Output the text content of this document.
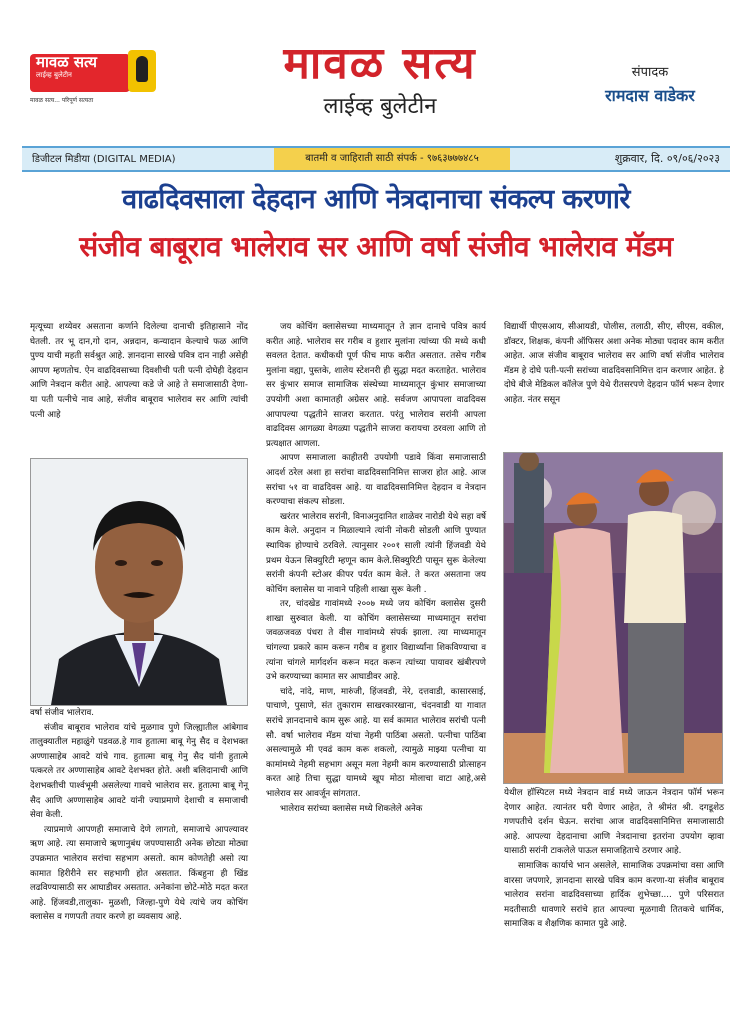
मावळ सत्य
लाईव्ह बुलेटीन
मावळ सत्य... परिपूर्ण सत्यता
मावळ सत्य
लाईव्ह बुलेटीन
संपादक
रामदास वाडेकर
डिजीटल मिडीया (DIGITAL MEDIA)	बातमी व जाहिराती साठी संपर्क - ९७६३७७७४८५	शुक्रवार, दि. ०९/०६/२०२३
वाढदिवसाला देहदान आणि नेत्रदानाचा संकल्प करणारे
संजीव बाबूराव भालेराव सर आणि वर्षा संजीव भालेराव मॅडम

मृत्यूच्या शय्येवर असताना कर्णाने दिलेल्या दानाची इतिहासाने नोंद घेतली. तर भू दान,गो दान, अन्नदान, कन्यादान केल्याचे फळ आणि पुण्य याची महती सर्वश्रुत आहे. ज्ञानदाना सारखे पवित्र दान नाही असेही आपण म्हणतोच. ऐन वाढदिवसाच्या दिवशीची पती पत्नी दोघेही देहदान आणि नेत्रदान करीत आहे. आपल्या कडे जे आहे ते समाजासाठी देणा-या पती पत्नीचे नाव आहे, संजीव बाबूराव भालेराव सर आणि त्यांची पत्नी आहे

वर्षा संजीव भालेराव.

संजीव बाबूराव भालेराव यांचे मुळगाव पुणे जिल्ह्यातील आंबेगाव तालुक्यातील महाळुंगे पडवळ.हे गाव हुतात्मा बाबू गेनु सैद व देशभक्त अण्णासाहेब आवटे यांचे गाव. हुतात्मा बाबू गेनु सैद यांनी हुतात्मे पत्करले तर अण्णासाहेब आवटे देशभक्त होते. अशी बलिदानाची आणि देशभक्तीची पार्श्वभूमी असलेल्या गावचे भालेराव सर. हुतात्मा बाबू गेनू सैद आणि अण्णासाहेब आवटे यांनी ज्याप्रमाणे देशाची व समाजाची सेवा केली.

त्याप्रमाणे आपणही समाजाचे देणे लागतो, समाजाचे आपल्यावर ऋण आहे. त्या समाजाचे ऋणानुबंध जपण्यासाठी अनेक छोट्या मोठ्या उपक्रमात भालेराव सरांचा सहभाग असतो. काम कोणतेही असो त्या कामात हिरीरीने सर सहभागी होत असतात. किंबहुना ही खिंड लढविण्यासाठी सर आघाडीवर असतात. अनेकांना छोटे-मोठे मदत करत आहे. हिंजवडी,तालुका- मुळशी, जिल्हा-पुणे येथे त्यांचे जय कोचिंग क्लासेस व गणपती तयार करणे हा व्यवसाय आहे.

जय कोचिंग क्लासेसच्या माध्यमातून ते ज्ञान दानाचे पवित्र कार्य करीत आहे. भालेराव सर गरीब व हुशार मुलांना त्यांच्या फी मध्ये कधी सवलत देतात. कधीकधी पूर्ण फीच माफ करीत असतात. तसेच गरीब मुलांना वह्या, पुस्तके, शालेय स्टेशनरी ही सुद्धा मदत करताहेत. भालेराव सर कुंभार समाज सामाजिक संस्थेच्या माध्यमातून कुंभार समाजाच्या उपयोगी अशा कामातही अग्रेसर आहे. सर्वजण आपापला वाढदिवस आपापल्या पद्धतीने साजरा करतात. परंतु भालेराव सरांनी आपला वाढदिवस आगळ्या वेगळ्या पद्धतीने साजरा करायचा ठरवला आणि तो प्रत्यक्षात आणला.

आपण समाजाला काहीतरी उपयोगी पडावे किंवा समाजासाठी आदर्श ठरेल अशा हा सरांचा वाढदिवसानिमित्त साजरा होत आहे. आज सरांचा ५१ वा वाढदिवस आहे. या वाढदिवसानिमित्त देहदान व नेत्रदान करण्याचा संकल्प सोडला.

खरंतर भालेराव सरांनी, विनाअनुदानित शाळेवर नारोडी येथे सहा वर्षे काम केले. अनुदान न मिळाल्याने त्यांनी नोकरी सोडली आणि पुण्यात स्थायिक होण्याचे ठरविले. त्यानुसार २००१ साली त्यांनी हिंजवडी येथे प्रथम येऊन सिक्युरिटी म्हणून काम केले.सिक्युरिटी पासून सुरू केलेल्या सरांनी कंपनी स्टोअर कीपर पर्यत काम केले. ते करत असताना जय कोचिंग क्लासेस या नावाने पहिली शाखा सुरू केली .

तर, चांदखेड गावांमध्ये २००७ मध्ये जय कोचिंग क्लासेस दुसरी शाखा सुरुवात केली. या कोचिंग क्लासेसच्या माध्यमातून सरांचा जवळजवळ पंधरा ते वीस गावांमध्ये संपर्क झाला. त्या माध्यमातून चांगल्या प्रकारे काम करून गरीब व हुशार विद्यार्थ्यांना शिकविण्याचा व त्यांना चांगले मार्गदर्शन करून मदत करून त्यांच्या पायावर खंबीरपणे उभे करण्याच्या कामात सर आघाडीवर आहे.

चांदे, नांदे, माण, मारुंजी, हिंजवडी, नेरे, दत्तवाडी, कासारसाई, पाचाणे, पुसाणे, संत तुकाराम साखरकारखाना, चंदनवाडी या गावात सरांचे ज्ञानदानाचे काम सुरू आहे. या सर्व कामात भालेराव सरांची पत्नी सौ. वर्षा भालेराव मॅडम यांचा नेहमी पाठिंबा असतो. पत्नीचा पाठिंबा असल्यामुळे मी एवढं काम करू शकलो, त्यामुळे माझ्या पत्नीचा या कामांमध्ये नेहमी सहभाग असून मला नेहमी काम करण्यासाठी प्रोत्साहन करत आहे तिचा सुद्धा यामध्ये खूप मोठा मोलाचा वाटा आहे,असे भालेराव सर आवर्जून सांगतात.

भालेराव सरांच्या क्लासेस मध्ये शिकलेले अनेक

विद्यार्थी पीएसआय, सीआयडी, पोलीस, तलाठी, सीए, सीएस, वकील, डॉक्टर, शिक्षक, कंपनी ऑफिसर अशा अनेक मोठ्या पदावर काम करीत आहेत. आज संजीव बाबूराव भालेराव सर आणि वर्षा संजीव भालेराव मॅडम हे दोघे पती-पत्नी सरांच्या वाढदिवसानिमित्त दान करणार आहेत. हे दोघे बीजे मेडिकल कॉलेज पुणे येथे रीतसरपणे देहदान फॉर्म भरून देणार आहेत. नंतर ससून

येथील हॉस्पिटल मध्ये नेत्रदान वार्ड मध्ये जाऊन नेत्रदान फॉर्म भरून देणार आहेत. त्यानंतर घरी येणार आहेत, ते श्रीमंत श्री. दगडूशेठ गणपतीचे दर्शन घेऊन. सरांचा आज वाढदिवसानिमित्त समाजासाठी आहे. आपल्या देहदानाचा आणि नेत्रदानाचा इतरांना उपयोग व्हावा यासाठी सरांनी टाकलेले पाऊल समाजहिताचे ठरणार आहे.

सामाजिक कार्याचे भान असलेले, सामाजिक उपक्रमांचा वसा आणि वारसा जपणारे, ज्ञानदाना सारखे पवित्र काम करणा-या संजीव बाबूराव भालेराव सरांना वाढदिवसाच्या हार्दिक शुभेच्छा.... पुणे परिसरात मदतीसाठी धावणारे सरांचे हात आपल्या मूळगावी तितकचे धार्मिक, सामाजिक व शैक्षणिक कामात पुढे आहे.
